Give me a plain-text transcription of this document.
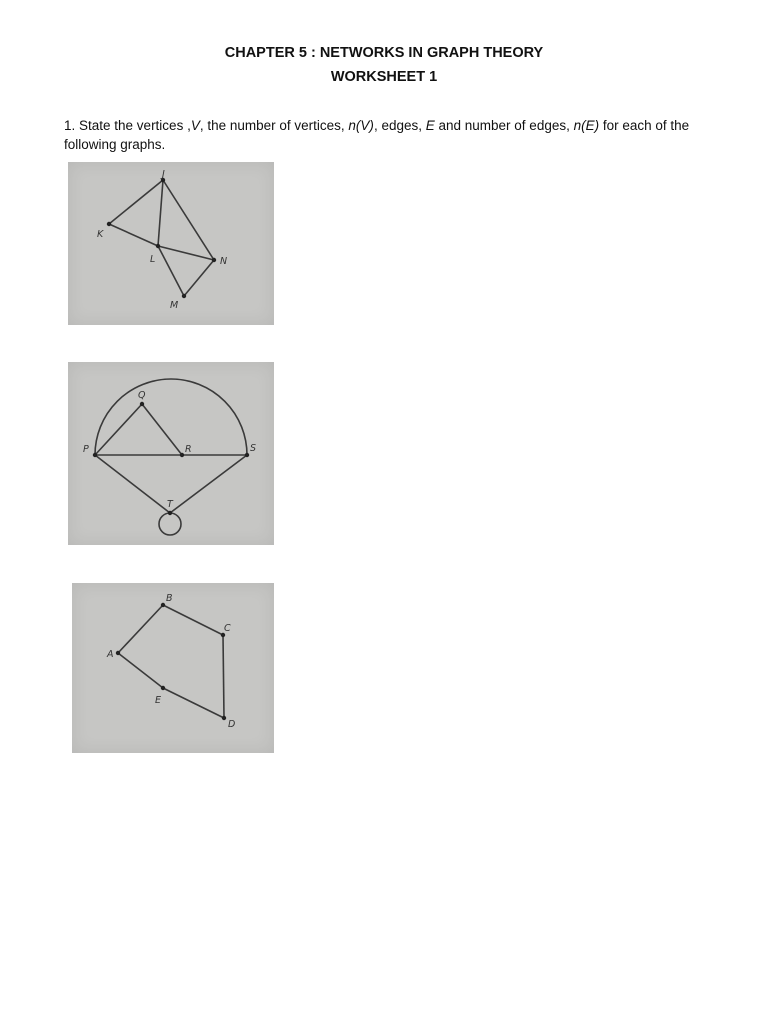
CHAPTER 5 : NETWORKS IN GRAPH THEORY
WORKSHEET 1
1. State the vertices ,V, the number of vertices, n(V), edges, E and number of edges, n(E) for each of the following graphs.
J
K
L	N
M
Q
P	R	S
T
B
C
A
E
D
